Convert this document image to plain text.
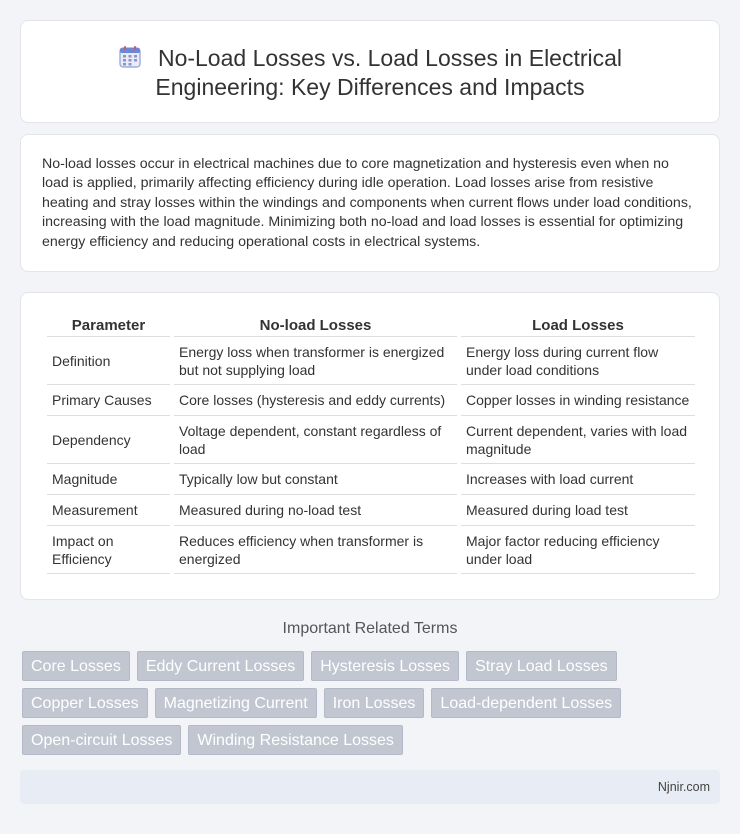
No-Load Losses vs. Load Losses in Electrical
Engineering: Key Differences and Impacts

No-load losses occur in electrical machines due to core magnetization and hysteresis even when no load is applied, primarily affecting efficiency during idle operation. Load losses arise from resistive heating and stray losses within the windings and components when current flows under load conditions, increasing with the load magnitude. Minimizing both no-load and load losses is essential for optimizing energy efficiency and reducing operational costs in electrical systems.

Parameter	No-load Losses	Load Losses
Definition	Energy loss when transformer is energized but not supplying load	Energy loss during current flow under load conditions
Primary Causes	Core losses (hysteresis and eddy currents)	Copper losses in winding resistance
Dependency	Voltage dependent, constant regardless of load	Current dependent, varies with load magnitude
Magnitude	Typically low but constant	Increases with load current
Measurement	Measured during no-load test	Measured during load test
Impact on Efficiency	Reduces efficiency when transformer is energized	Major factor reducing efficiency under load
Important Related Terms
Core Losses	Eddy Current Losses	Hysteresis Losses	Stray Load Losses
Copper Losses	Magnetizing Current	Iron Losses	Load-dependent Losses
Open-circuit Losses	Winding Resistance Losses
Njnir.com
